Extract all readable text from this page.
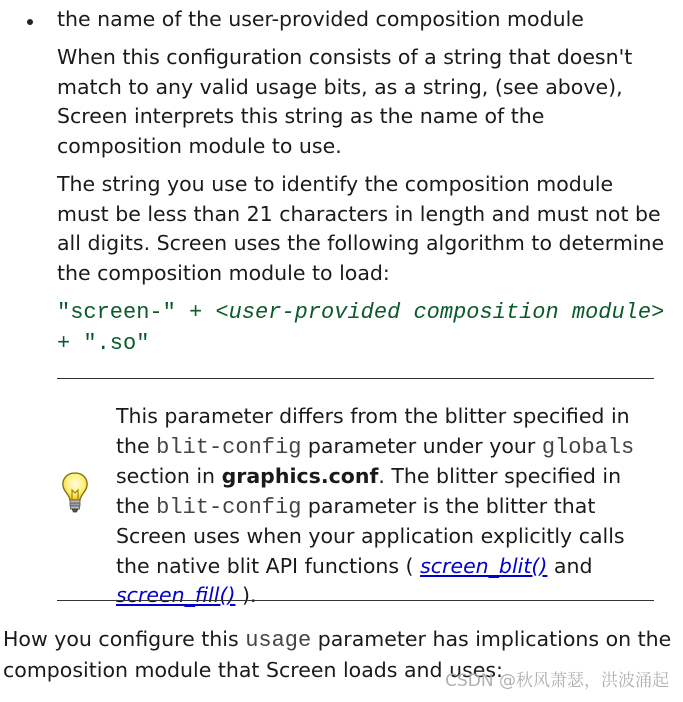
the name of the user-provided composition module
When this configuration consists of a string that doesn't match to any valid usage bits, as a string, (see above), Screen interprets this string as the name of the composition module to use.
The string you use to identify the composition module must be less than 21 characters in length and must not be all digits. Screen uses the following algorithm to determine the composition module to load:
"screen-" + <user-provided composition module> + ".so"
This parameter differs from the blitter specified in the blit-config parameter under your globals section in graphics.conf. The blitter specified in the blit-config parameter is the blitter that Screen uses when your application explicitly calls the native blit API functions ( screen_blit() and screen_fill() ).
How you configure this usage parameter has implications on the composition module that Screen loads and uses:
CSDN @秋风萧瑟，洪波涌起
